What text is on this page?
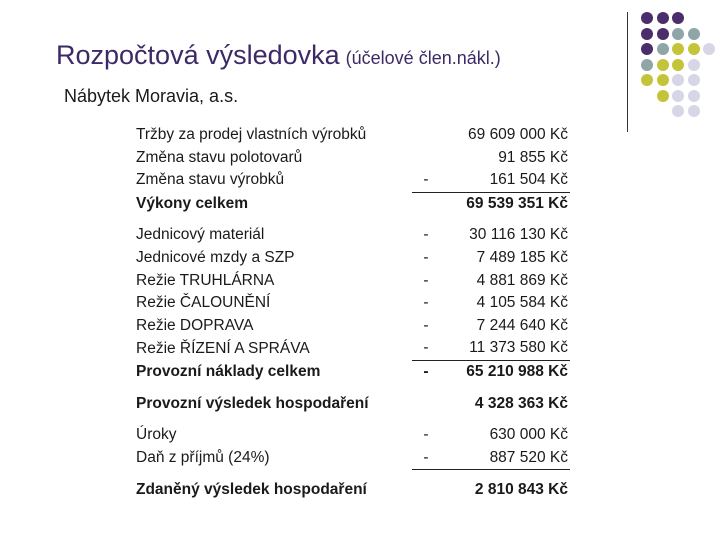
Rozpočtová výsledovka (účelové člen.nákl.)
Nábytek Moravia, a.s.
Tržby za prodej vlastních výrobků		69 609 000 Kč
Změna stavu polotovarů		91 855 Kč
Změna stavu výrobků	-	161 504 Kč
Výkony celkem		69 539 351 Kč

Jednicový materiál	-	30 116 130 Kč
Jednicové mzdy a SZP	-	7 489 185 Kč
Režie TRUHLÁRNA	-	4 881 869 Kč
Režie ČALOUNĚNÍ	-	4 105 584 Kč
Režie DOPRAVA	-	7 244 640 Kč
Režie ŘÍZENÍ A SPRÁVA	-	11 373 580 Kč
Provozní náklady celkem	-	65 210 988 Kč

Provozní výsledek hospodaření		4 328 363 Kč

Úroky	-	630 000 Kč
Daň z příjmů (24%)	-	887 520 Kč

Zdaněný výsledek hospodaření		2 810 843 Kč
